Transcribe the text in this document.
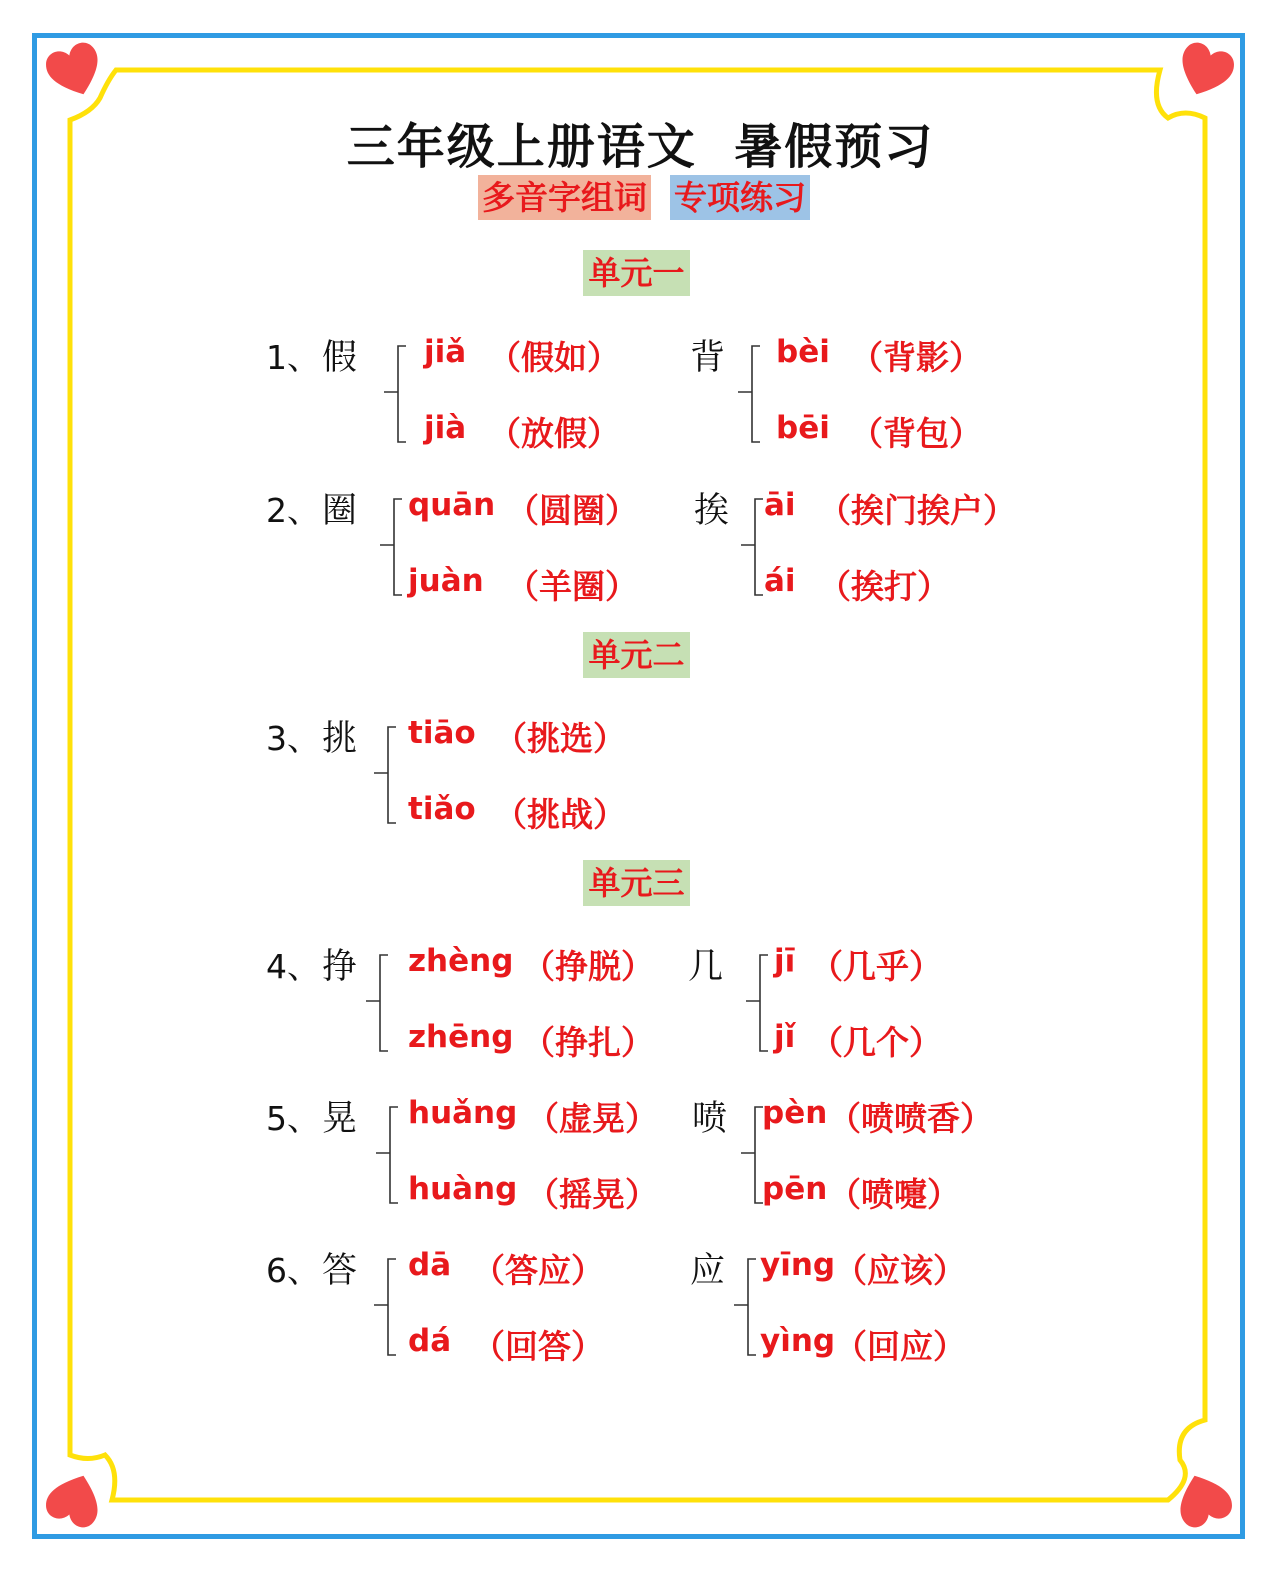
三年级上册语文  暑假预习
多音字组词 专项练习
单元一
单元二
单元三
1、 假 jiǎ （假如）
jià （放假）
背 bèi （背影）
bēi （背包）
2、 圈 quān （圆圈）
juàn （羊圈）
挨 āi （挨门挨户）
ái （挨打）
3、 挑 tiāo （挑选）
tiǎo （挑战）
4、 挣 zhèng （挣脱）
zhēng （挣扎）
几 jī （几乎）
jǐ （几个）
5、 晃 huǎng （虚晃）
huàng （摇晃）
喷 pèn （喷喷香）
pēn （喷嚏）
6、 答 dā （答应）
dá （回答）
应 yīng
（应该）
yìng
（回应）
